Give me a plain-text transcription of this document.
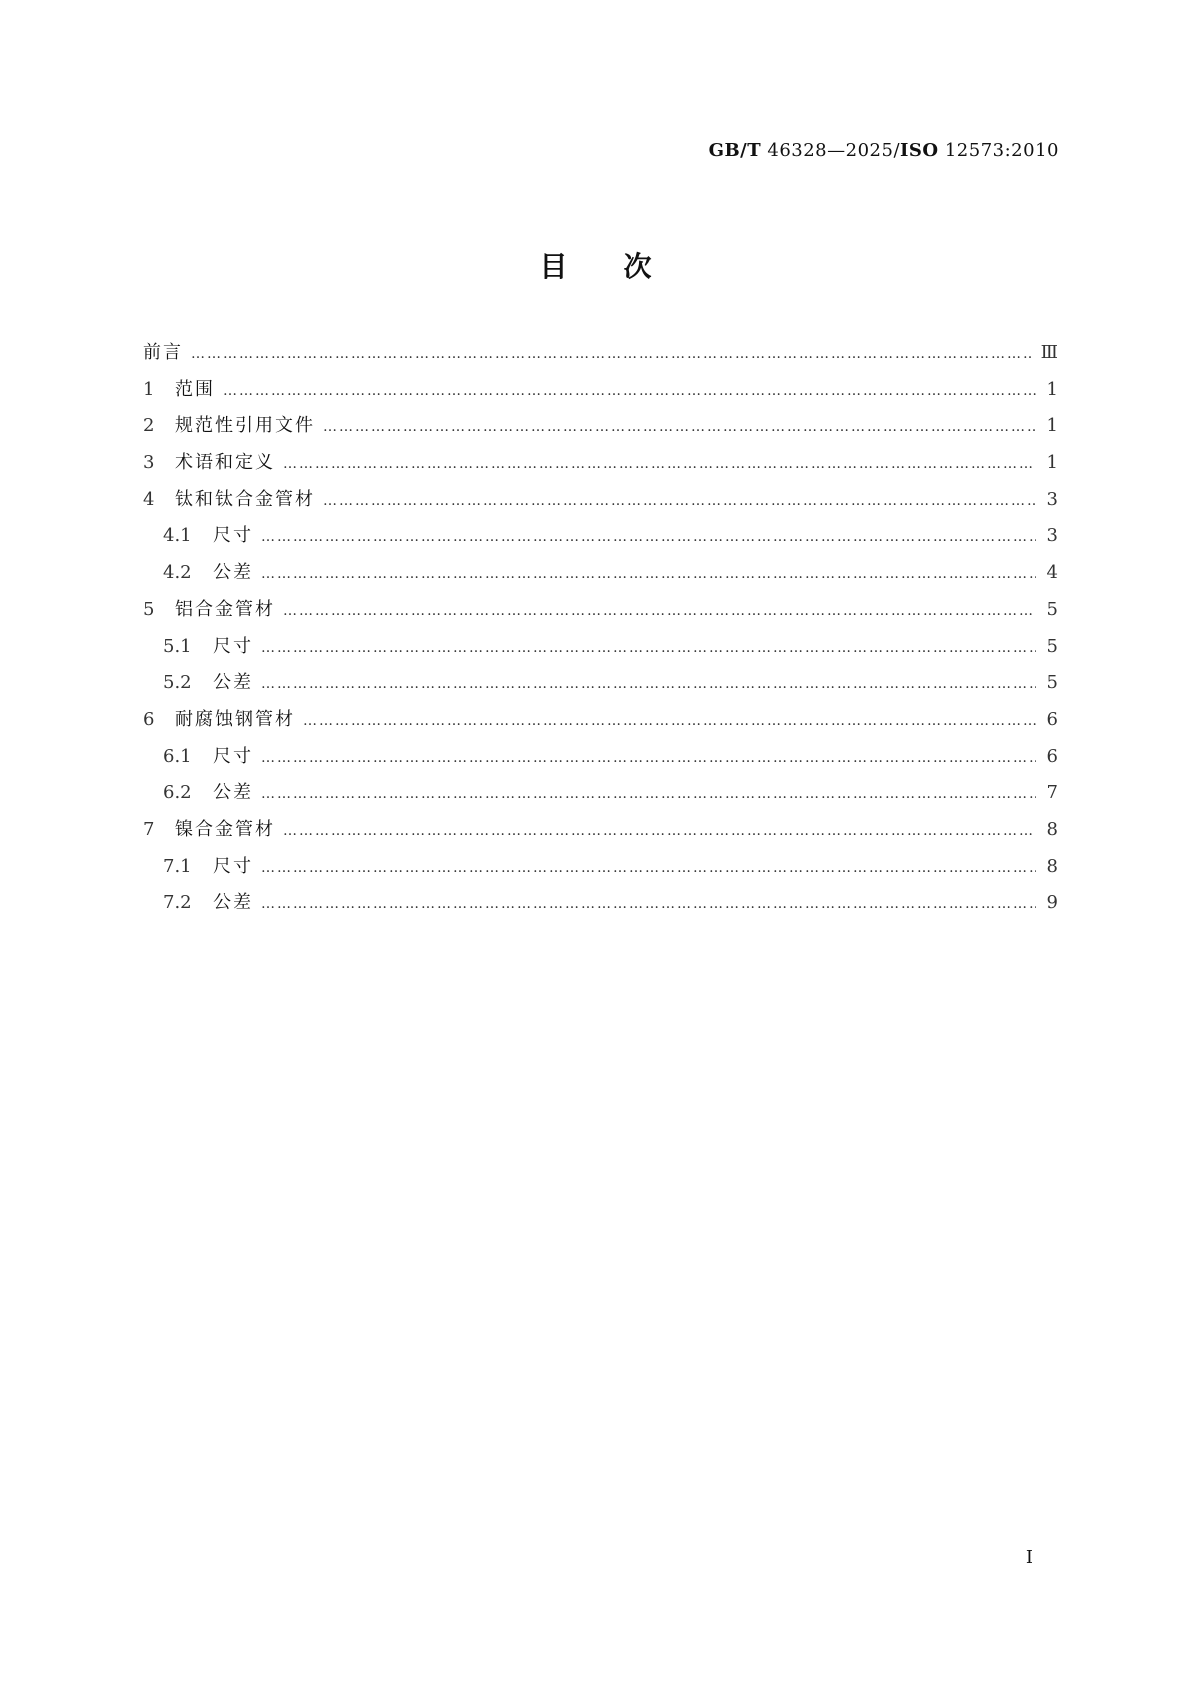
GB/T 46328—2025/ISO 12573:2010
目次
前言 …………………………………………………………………………………………………………………………………………………………………………………………………………………………	Ⅲ
1	范围 …………………………………………………………………………………………………………………………………………………………………………………………………………………………	1
2	规范性引用文件 …………………………………………………………………………………………………………………………………………………………………………………………………………………………	1
3	术语和定义 …………………………………………………………………………………………………………………………………………………………………………………………………………………………	1
4	钛和钛合金管材 …………………………………………………………………………………………………………………………………………………………………………………………………………………………	3
4.1	尺寸 …………………………………………………………………………………………………………………………………………………………………………………………………………………………	3
4.2	公差 …………………………………………………………………………………………………………………………………………………………………………………………………………………………	4
5	铝合金管材 …………………………………………………………………………………………………………………………………………………………………………………………………………………………	5
5.1	尺寸 …………………………………………………………………………………………………………………………………………………………………………………………………………………………	5
5.2	公差 …………………………………………………………………………………………………………………………………………………………………………………………………………………………	5
6	耐腐蚀钢管材 …………………………………………………………………………………………………………………………………………………………………………………………………………………………	6
6.1	尺寸 …………………………………………………………………………………………………………………………………………………………………………………………………………………………	6
6.2	公差 …………………………………………………………………………………………………………………………………………………………………………………………………………………………	7
7	镍合金管材 …………………………………………………………………………………………………………………………………………………………………………………………………………………………	8
7.1	尺寸 …………………………………………………………………………………………………………………………………………………………………………………………………………………………	8
7.2	公差 …………………………………………………………………………………………………………………………………………………………………………………………………………………………	9
I
